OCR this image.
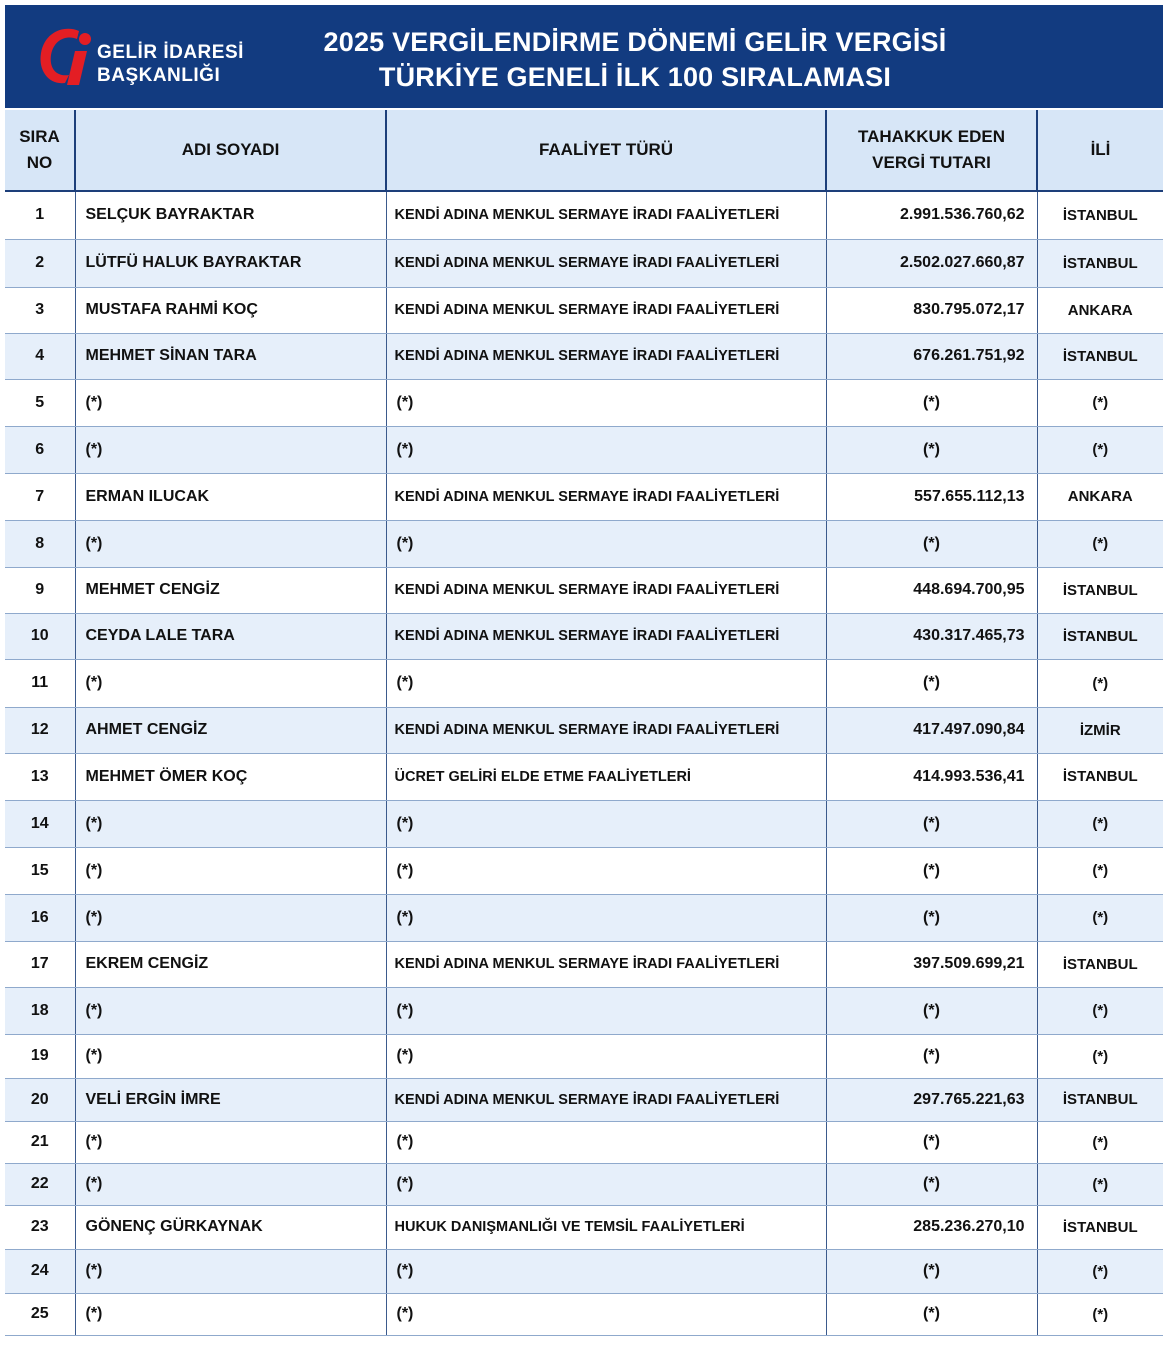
GELİR İDARESİ
BAŞKANLIĞI
2025 VERGİLENDİRME DÖNEMİ GELİR VERGİSİ
TÜRKİYE GENELİ İLK 100 SIRALAMASI
SIRA
NO	ADI SOYADI	FAALİYET TÜRÜ	TAHAKKUK EDEN
VERGİ TUTARI	İLİ
1	SELÇUK BAYRAKTAR	KENDİ ADINA MENKUL SERMAYE İRADI FAALİYETLERİ	2.991.536.760,62	İSTANBUL
2	LÜTFÜ HALUK BAYRAKTAR	KENDİ ADINA MENKUL SERMAYE İRADI FAALİYETLERİ	2.502.027.660,87	İSTANBUL
3	MUSTAFA RAHMİ KOÇ	KENDİ ADINA MENKUL SERMAYE İRADI FAALİYETLERİ	830.795.072,17	ANKARA
4	MEHMET SİNAN TARA	KENDİ ADINA MENKUL SERMAYE İRADI FAALİYETLERİ	676.261.751,92	İSTANBUL
5	(*)	(*)	(*)	(*)
6	(*)	(*)	(*)	(*)
7	ERMAN ILUCAK	KENDİ ADINA MENKUL SERMAYE İRADI FAALİYETLERİ	557.655.112,13	ANKARA
8	(*)	(*)	(*)	(*)
9	MEHMET CENGİZ	KENDİ ADINA MENKUL SERMAYE İRADI FAALİYETLERİ	448.694.700,95	İSTANBUL
10	CEYDA LALE TARA	KENDİ ADINA MENKUL SERMAYE İRADI FAALİYETLERİ	430.317.465,73	İSTANBUL
11	(*)	(*)	(*)	(*)
12	AHMET CENGİZ	KENDİ ADINA MENKUL SERMAYE İRADI FAALİYETLERİ	417.497.090,84	İZMİR
13	MEHMET ÖMER KOÇ	ÜCRET GELİRİ ELDE ETME FAALİYETLERİ	414.993.536,41	İSTANBUL
14	(*)	(*)	(*)	(*)
15	(*)	(*)	(*)	(*)
16	(*)	(*)	(*)	(*)
17	EKREM CENGİZ	KENDİ ADINA MENKUL SERMAYE İRADI FAALİYETLERİ	397.509.699,21	İSTANBUL
18	(*)	(*)	(*)	(*)
19	(*)	(*)	(*)	(*)
20	VELİ ERGİN İMRE	KENDİ ADINA MENKUL SERMAYE İRADI FAALİYETLERİ	297.765.221,63	İSTANBUL
21	(*)	(*)	(*)	(*)
22	(*)	(*)	(*)	(*)
23	GÖNENÇ GÜRKAYNAK	HUKUK DANIŞMANLIĞI VE TEMSİL FAALİYETLERİ	285.236.270,10	İSTANBUL
24	(*)	(*)	(*)	(*)
25	(*)	(*)	(*)	(*)
